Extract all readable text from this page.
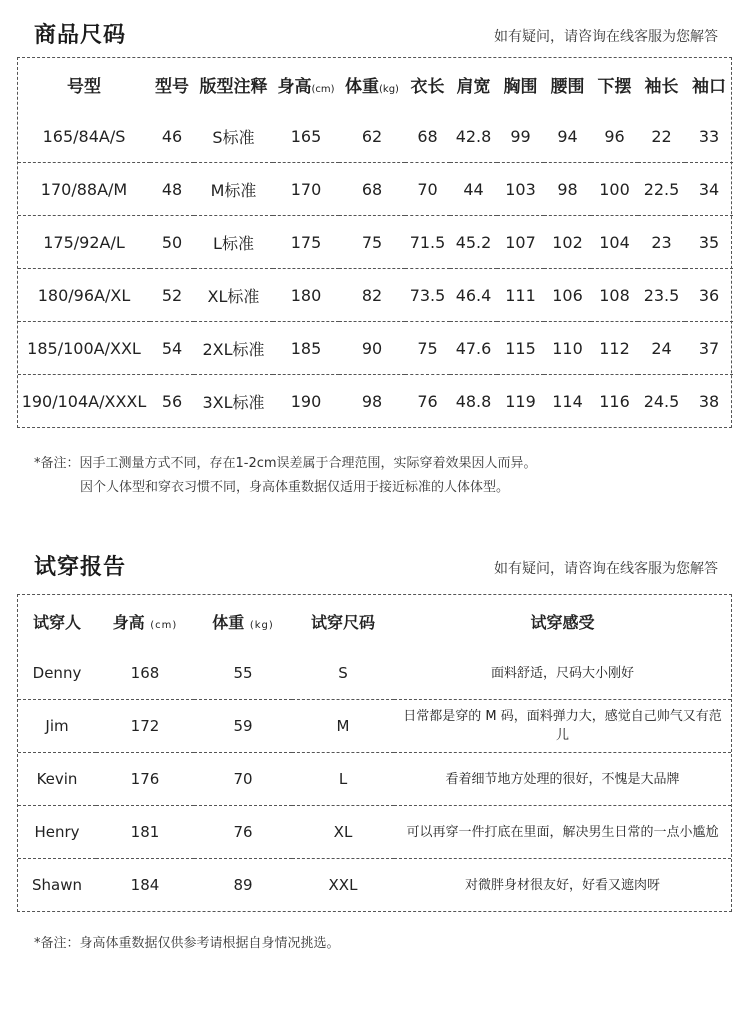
商品尺码	如有疑问，请咨询在线客服为您解答
号型	型号	版型注释	身高(cm)	体重(kg)	衣长	肩宽	胸围	腰围	下摆	袖长	袖口
165/84A/S	46	S标准	165	62	68	42.8	99	94	96	22	33
170/88A/M	48	M标准	170	68	70	44	103	98	100	22.5	34
175/92A/L	50	L标准	175	75	71.5	45.2	107	102	104	23	35
180/96A/XL	52	XL标准	180	82	73.5	46.4	111	106	108	23.5	36
185/100A/XXL	54	2XL标准	185	90	75	47.6	115	110	112	24	37
190/104A/XXXL	56	3XL标准	190	98	76	48.8	119	114	116	24.5	38
*备注：因手工测量方式不同，存在1-2cm误差属于合理范围，实际穿着效果因人而异。
因个人体型和穿衣习惯不同，身高体重数据仅适用于接近标准的人体体型。
试穿报告	如有疑问，请咨询在线客服为您解答
试穿人	身高 (cm)	体重 (kg)	试穿尺码	试穿感受
Denny	168	55	S	面料舒适，尺码大小刚好
Jim	172	59	M	日常都是穿的 M 码，面料弹力大，感觉自己帅气又有范儿
Kevin	176	70	L	看着细节地方处理的很好，不愧是大品牌
Henry	181	76	XL	可以再穿一件打底在里面，解决男生日常的一点小尴尬
Shawn	184	89	XXL	对微胖身材很友好，好看又遮肉呀
*备注：身高体重数据仅供参考请根据自身情况挑选。
